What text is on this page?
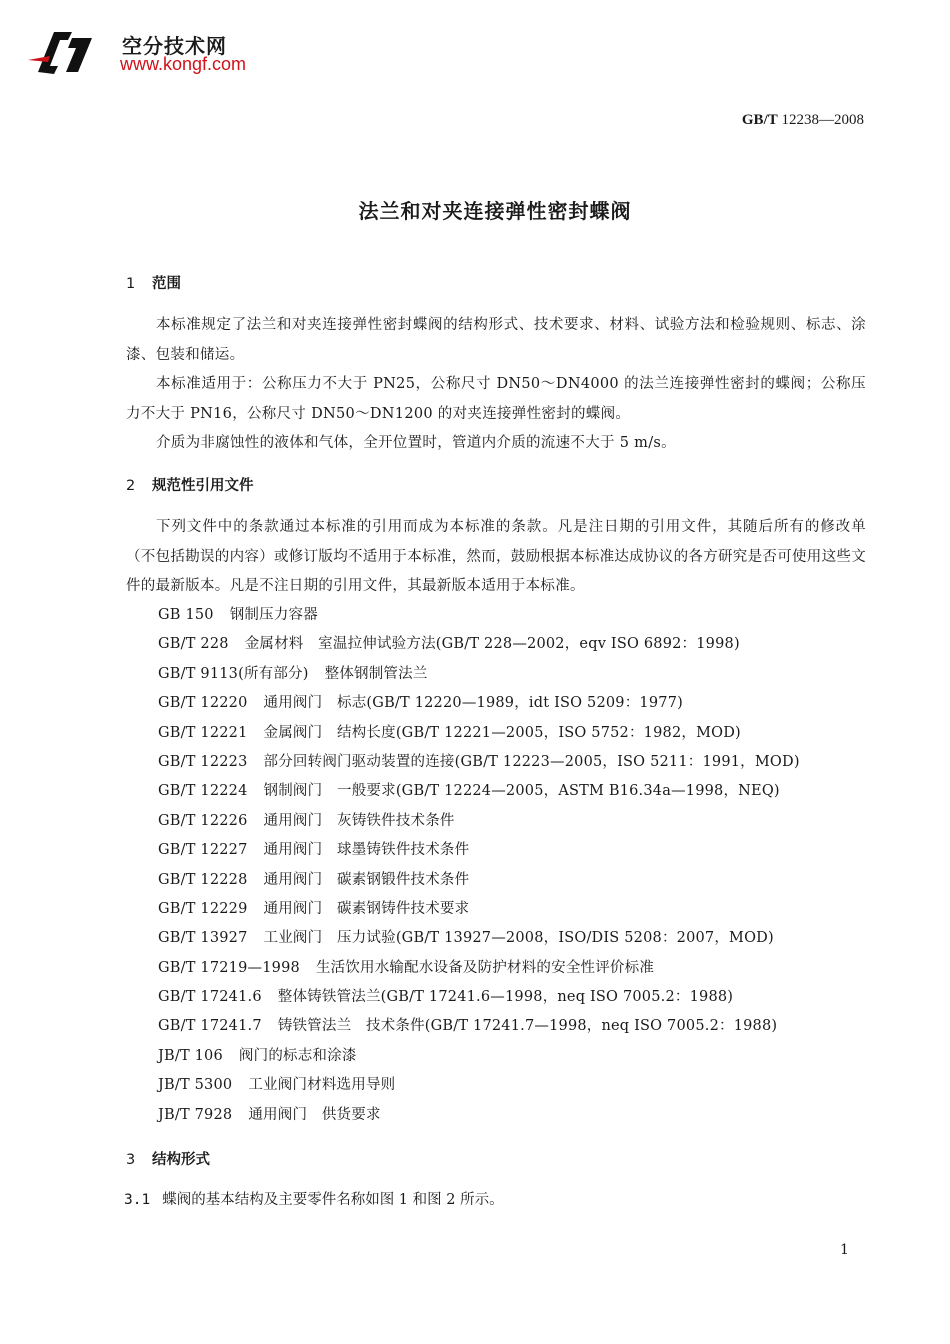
空分技术网
www.kongf.com
GB/T 12238—2008
法兰和对夹连接弹性密封蝶阀
1 范围

本标准规定了法兰和对夹连接弹性密封蝶阀的结构形式、技术要求、材料、试验方法和检验规则、标志、涂漆、包装和储运。

本标准适用于：公称压力不大于 PN25，公称尺寸 DN50～DN4000 的法兰连接弹性密封的蝶阀；公称压力不大于 PN16，公称尺寸 DN50～DN1200 的对夹连接弹性密封的蝶阀。

介质为非腐蚀性的液体和气体，全开位置时，管道内介质的流速不大于 5 m/s。

2 规范性引用文件

下列文件中的条款通过本标准的引用而成为本标准的条款。凡是注日期的引用文件，其随后所有的修改单（不包括勘误的内容）或修订版均不适用于本标准，然而，鼓励根据本标准达成协议的各方研究是否可使用这些文件的最新版本。凡是不注日期的引用文件，其最新版本适用于本标准。

GB 150 钢制压力容器
GB/T 228 金属材料　室温拉伸试验方法(GB/T 228—2002，eqv ISO 6892：1998)
GB/T 9113(所有部分) 整体钢制管法兰
GB/T 12220 通用阀门　标志(GB/T 12220—1989，idt ISO 5209：1977)
GB/T 12221 金属阀门　结构长度(GB/T 12221—2005，ISO 5752：1982，MOD)
GB/T 12223 部分回转阀门驱动装置的连接(GB/T 12223—2005，ISO 5211：1991，MOD)
GB/T 12224 钢制阀门　一般要求(GB/T 12224—2005，ASTM B16.34a—1998，NEQ)
GB/T 12226 通用阀门　灰铸铁件技术条件
GB/T 12227 通用阀门　球墨铸铁件技术条件
GB/T 12228 通用阀门　碳素钢锻件技术条件
GB/T 12229 通用阀门　碳素钢铸件技术要求
GB/T 13927 工业阀门　压力试验(GB/T 13927—2008，ISO/DIS 5208：2007，MOD)
GB/T 17219—1998 生活饮用水输配水设备及防护材料的安全性评价标准
GB/T 17241.6 整体铸铁管法兰(GB/T 17241.6—1998，neq ISO 7005.2：1988)
GB/T 17241.7 铸铁管法兰　技术条件(GB/T 17241.7—1998，neq ISO 7005.2：1988)
JB/T 106 阀门的标志和涂漆
JB/T 5300 工业阀门材料选用导则
JB/T 7928 通用阀门　供货要求
3 结构形式

3.1 蝶阀的基本结构及主要零件名称如图 1 和图 2 所示。

1
